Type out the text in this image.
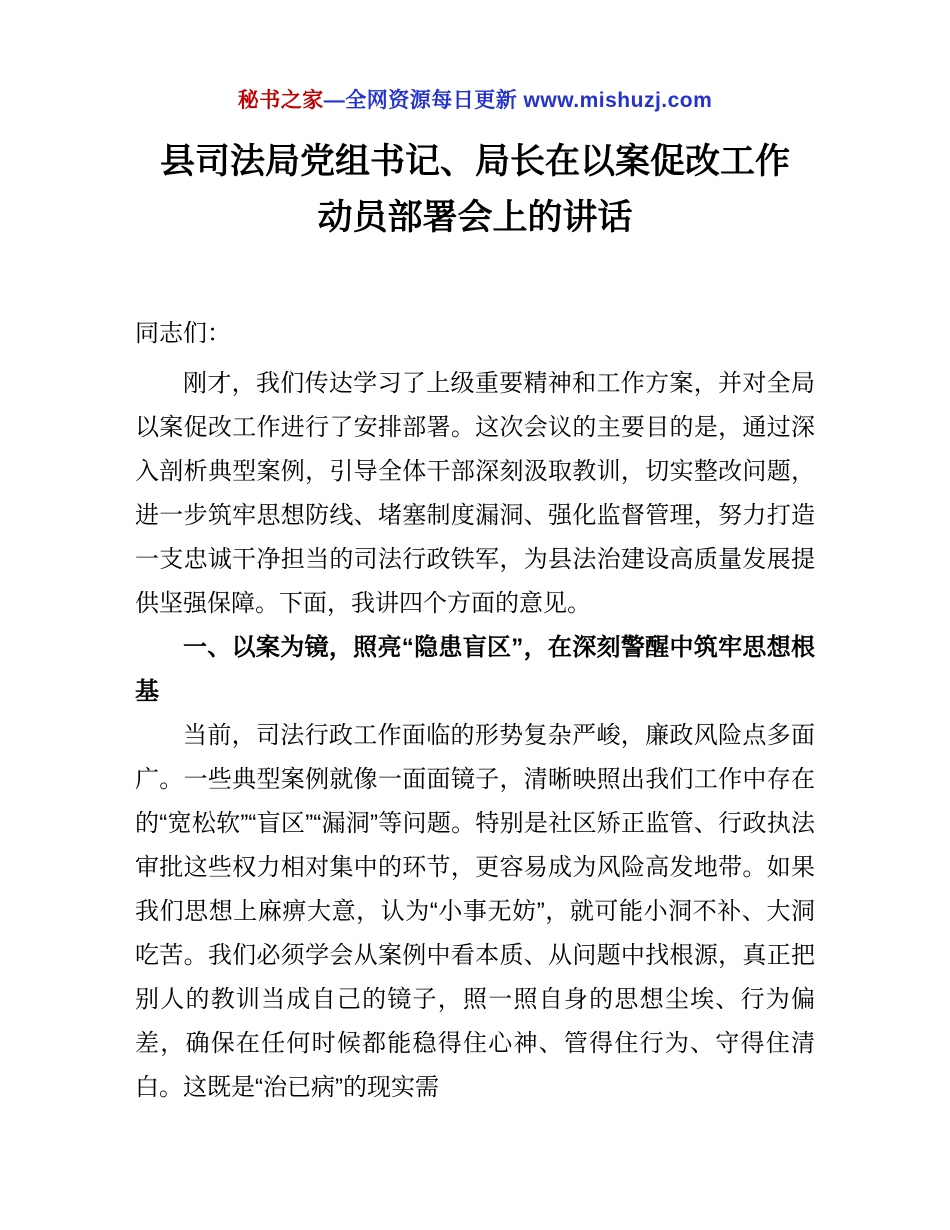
秘书之家—全网资源每日更新 www.mishuzj.com
县司法局党组书记、局长在以案促改工作动员部署会上的讲话

同志们：

刚才，我们传达学习了上级重要精神和工作方案，并对全局以案促改工作进行了安排部署。这次会议的主要目的是，通过深入剖析典型案例，引导全体干部深刻汲取教训，切实整改问题，进一步筑牢思想防线、堵塞制度漏洞、强化监督管理，努力打造一支忠诚干净担当的司法行政铁军，为县法治建设高质量发展提供坚强保障。下面，我讲四个方面的意见。

一、以案为镜，照亮“隐患盲区”，在深刻警醒中筑牢思想根基

当前，司法行政工作面临的形势复杂严峻，廉政风险点多面广。一些典型案例就像一面面镜子，清晰映照出我们工作中存在的“宽松软”“盲区”“漏洞”等问题。特别是社区矫正监管、行政执法审批这些权力相对集中的环节，更容易成为风险高发地带。如果我们思想上麻痹大意，认为“小事无妨”，就可能小洞不补、大洞吃苦。我们必须学会从案例中看本质、从问题中找根源，真正把别人的教训当成自己的镜子，照一照自身的思想尘埃、行为偏差，确保在任何时候都能稳得住心神、管得住行为、守得住清白。这既是“治已病”的现实需
